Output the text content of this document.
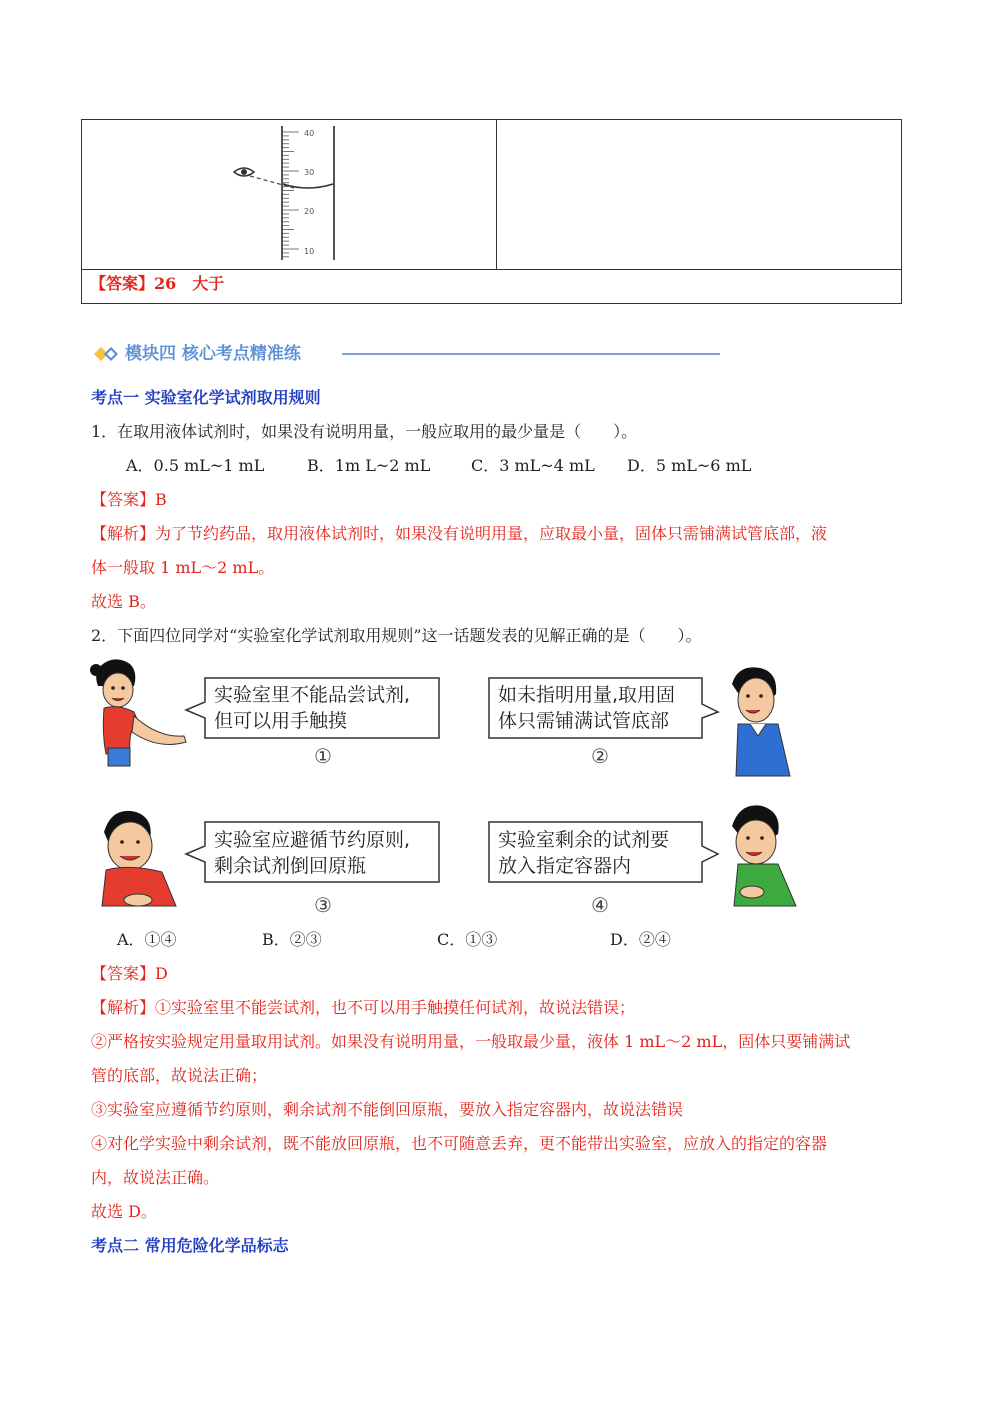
40
30
20
10
【答案】26　大于
模块四 核心考点精准练
考点一 实验室化学试剂取用规则
1．在取用液体试剂时，如果没有说明用量，一般应取用的最少量是（　　）。
A．0.5 mL~1 mL	B．1m L~2 mL	C．3 mL~4 mL D．5 mL~6 mL
【答案】B
【解析】为了节约药品，取用液体试剂时，如果没有说明用量，应取最小量，固体只需铺满试管底部，液
体一般取 1 mL～2 mL。
故选 B。
2．下面四位同学对“实验室化学试剂取用规则”这一话题发表的见解正确的是（　　）。
实验室里不能品尝试剂,
但可以用手触摸
①
如未指明用量,取用固
体只需铺满试管底部
②
实验室应避循节约原则,
剩余试剂倒回原瓶
③
实验室剩余的试剂要
放入指定容器内
④
A．①④	B．②③	C．①③	D．②④
【答案】D
【解析】①实验室里不能尝试剂，也不可以用手触摸任何试剂，故说法错误；
②严格按实验规定用量取用试剂。如果没有说明用量，一般取最少量，液体 1 mL～2 mL，固体只要铺满试
管的底部，故说法正确；
③实验室应遵循节约原则，剩余试剂不能倒回原瓶，要放入指定容器内，故说法错误
④对化学实验中剩余试剂，既不能放回原瓶，也不可随意丢弃，更不能带出实验室，应放入的指定的容器
内，故说法正确。
故选 D。
考点二 常用危险化学品标志
